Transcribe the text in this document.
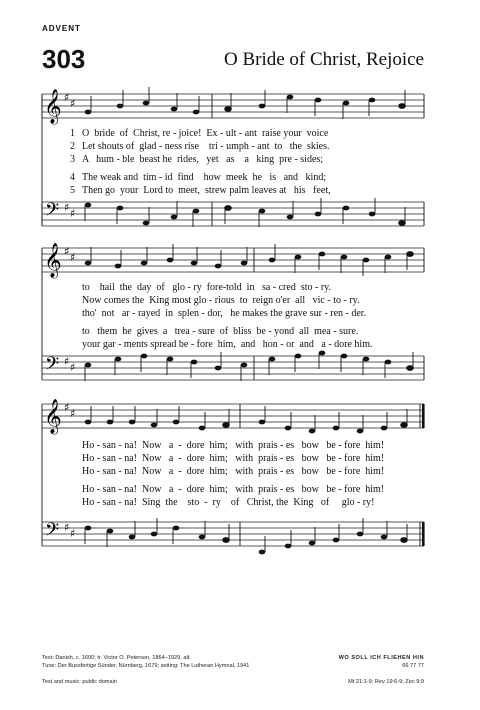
ADVENT
303	O Bride of Christ, Rejoice
𝄞 ♯ ♯
1 O  bride  of  Christ, re - joice!  Ex - ult - ant  raise your  voice
2 Let shouts of  glad - ness rise    tri - umph - ant  to   the  skies.
3 A   hum - ble  beast he  rides,   yet   as    a   king  pre - sides;
4 The weak and  tim - id  find    how  meek  he   is   and   kind;
5 Then go  your  Lord to  meet,  strew palm leaves at   his   feet,
𝄢 ♯ ♯
𝄞 ♯ ♯
to    hail  the  day  of   glo - ry  fore-told  in   sa - cred  sto - ry.
Now comes the  King most glo - rious  to  reign o'er  all   vic - to - ry.
tho'  not   ar - rayed  in  splen - dor,   he makes the grave sur - ren - der.
to   them  he  gives  a   trea - sure  of  bliss  be - yond  all  mea - sure.
your gar - ments spread be - fore  him,  and   hon - or  and   a - dore him.
𝄢 ♯ ♯
𝄞 ♯ ♯
Ho - san - na!  Now   a  -  dore  him;   with  prais - es   bow   be - fore  him!
Ho - san - na!  Now   a  -  dore  him;   with  prais - es   bow   be - fore  him!
Ho - san - na!  Now   a  -  dore  him;   with  prais - es   bow   be - fore  him!
Ho - san - na!  Now   a  -  dore  him;   with  prais - es   bow   be - fore  him!
Ho - san - na!  Sing  the    sto  -  ry    of   Christ, the  King   of     glo - ry!
𝄢 ♯ ♯
Text: Danish, c. 1600; tr. Victor O. Petersen, 1864–1929, alt.
Tune: Der Bussfertige Sünder, Nürnberg, 1679; setting: The Lutheran Hymnal, 1941
Text and music: public domain
WO SOLL ICH FLIEHEN HIN
66 77 77
Mt 21:1-9; Rev 19:6-9; Zec 9:9
